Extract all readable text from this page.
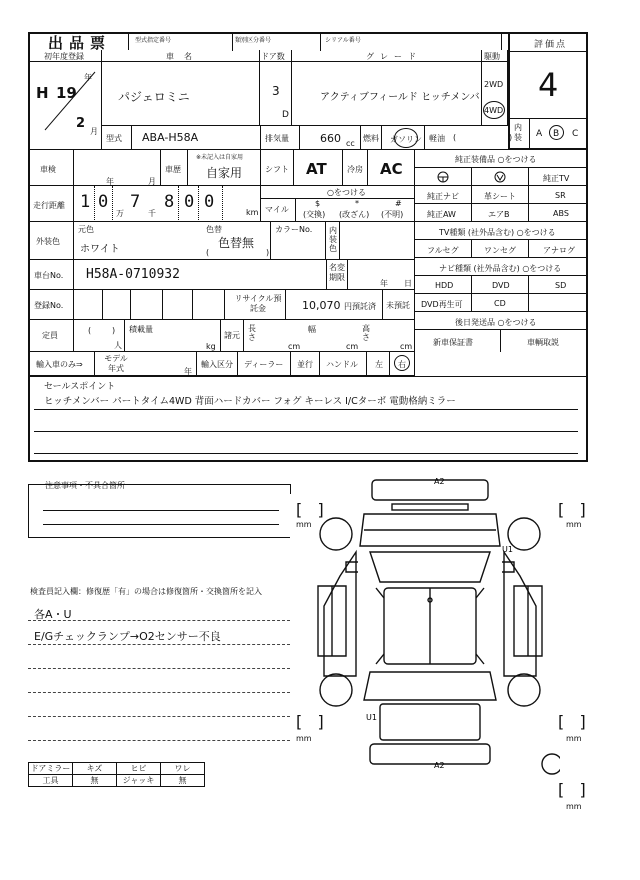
出品票	型式指定番号	類別区分番号	シリアル番号	評価点
4
内装	A B C
初年度登録
H 19
年
2
月
車名
パジェロミニ
ドア数
3
D
グレード
アクティブフィールド ヒッチメンバ
駆動
2WD
4WD
型式 ABA-H58A	排気量	660 cc
燃料 ガソリン 軽油 (	)
車検
年	月
車歴
※未記入は自家用
自家用	シフト AT	冷房 AC
走行距離 1 0
万
7
千
8 0 0
km
○をつける
マイル
$
(交換)
*
(改ざん)
#
(不明)
外装色
元色
ホワイト
色替
色替無
(	)
カラーNo. 内装色
車台No. H58A-0710932	名変期限
年 日
登録No.
リサイクル預託金	10,070 円預託済 未預託
定員
(	)
人
積載量
kg
諸元
長さ
cm
幅
cm
高さ
cm
輸入車のみ⇒
モデル年式	年
輸入区分 ディーラー 並行 ハンドル 左 右
純正装備品 ○をつける
純正TV
純正ナビ	革シート	SR
純正AW	エアB	ABS
TV種類 (社外品含む) ○をつける
フルセグ	ワンセグ	アナログ
ナビ種類 (社外品含む) ○をつける
HDD	DVD	SD
DVD再生可	CD
後日発送品 ○をつける
新車保証書	車輌取説
セールスポイント
ヒッチメンバー パートタイム4WD 背面ハードカバー フォグ キーレス I/Cターボ 電動格納ミラー
注意事項・不具合箇所
検査員記入欄：修復歴「有」の場合は修復箇所・交換箇所を記入
各A・U
E/Gチェックランプ→O2センサー不良
ドアミラー	キズ	ヒビ	ワレ
工具	無	ジャッキ	無
[   ]
mm
[   ]
mm
[   ]
mm
[   ]
mm
[   ]
mm
A2
U1
U1
A2
